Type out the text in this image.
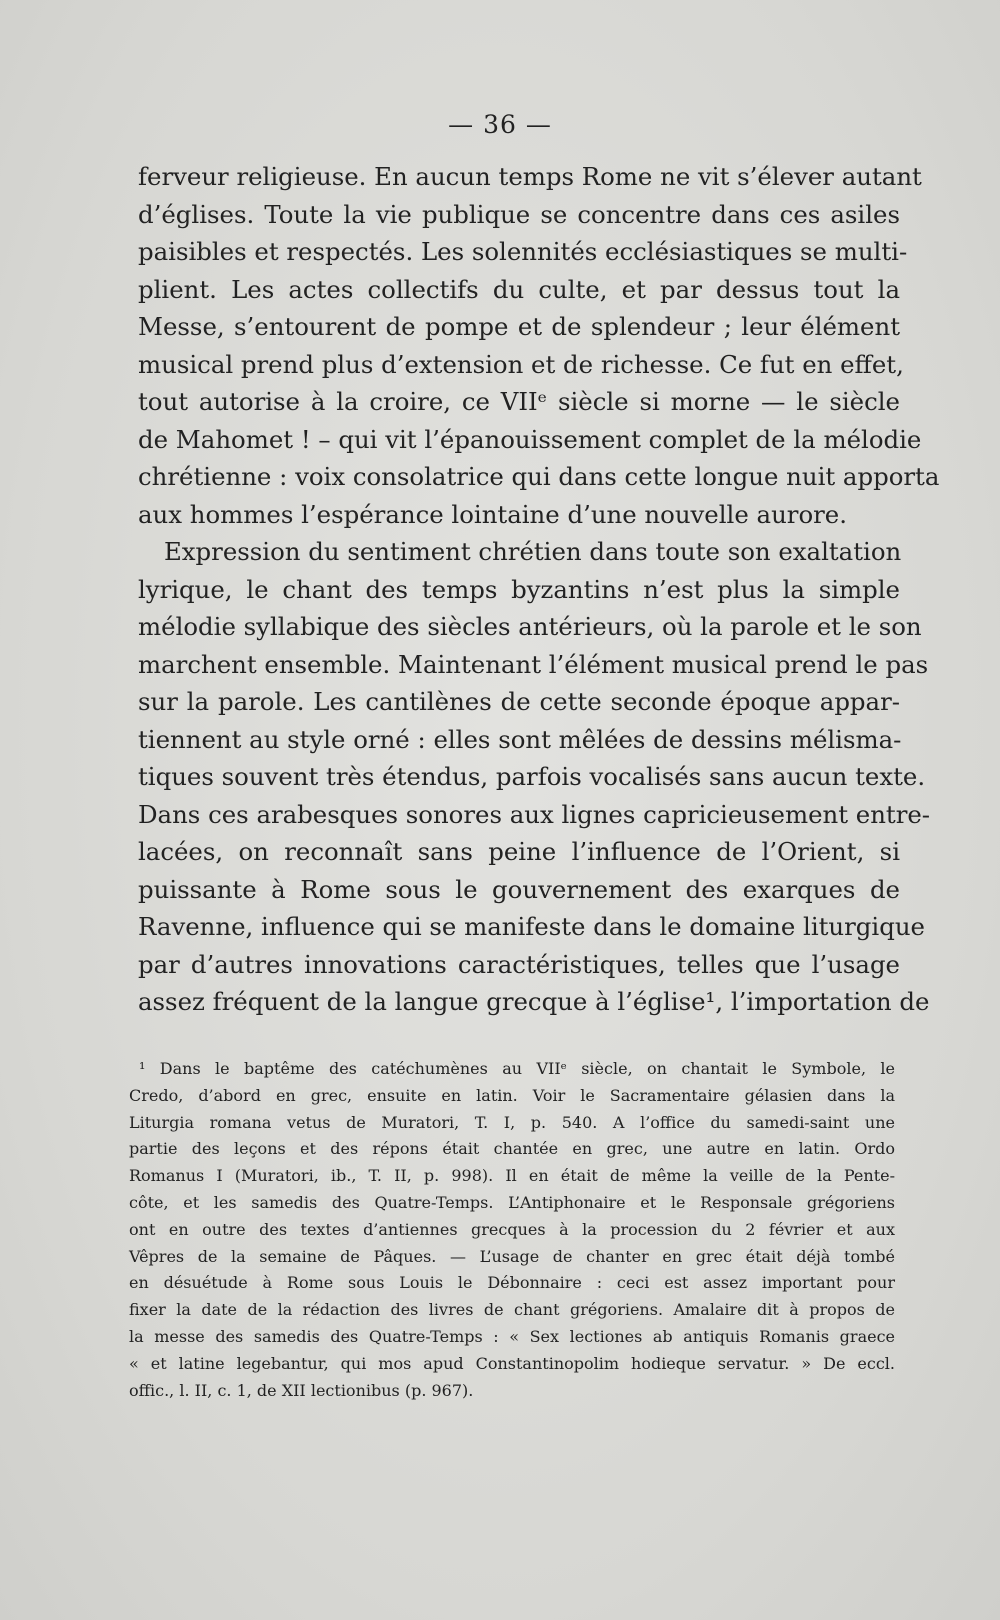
— 36 —
ferveur religieuse. En aucun temps Rome ne vit s’élever autant
d’églises. Toute la vie publique se concentre dans ces asiles
paisibles et respectés. Les solennités ecclésiastiques se multi-
plient. Les actes collectifs du culte, et par dessus tout la
Messe, s’entourent de pompe et de splendeur ; leur élément
musical prend plus d’extension et de richesse. Ce fut en effet,
tout autorise à la croire, ce VIIᵉ siècle si morne — le siècle
de Mahomet ! – qui vit l’épanouissement complet de la mélodie
chrétienne : voix consolatrice qui dans cette longue nuit apporta
aux hommes l’espérance lointaine d’une nouvelle aurore.
Expression du sentiment chrétien dans toute son exaltation
lyrique, le chant des temps byzantins n’est plus la simple
mélodie syllabique des siècles antérieurs, où la parole et le son
marchent ensemble. Maintenant l’élément musical prend le pas
sur la parole. Les cantilènes de cette seconde époque appar-
tiennent au style orné : elles sont mêlées de dessins mélisma-
tiques souvent très étendus, parfois vocalisés sans aucun texte.
Dans ces arabesques sonores aux lignes capricieusement entre-
lacées, on reconnaît sans peine l’influence de l’Orient, si
puissante à Rome sous le gouvernement des exarques de
Ravenne, influence qui se manifeste dans le domaine liturgique
par d’autres innovations caractéristiques, telles que l’usage
assez fréquent de la langue grecque à l’église¹, l’importation de
¹ Dans le baptême des catéchumènes au VIIᵉ siècle, on chantait le Symbole, le
Credo, d’abord en grec, ensuite en latin. Voir le Sacramentaire gélasien dans la
Liturgia romana vetus de Muratori, T. I, p. 540. A l’office du samedi-saint une
partie des leçons et des répons était chantée en grec, une autre en latin. Ordo
Romanus I (Muratori, ib., T. II, p. 998). Il en était de même la veille de la Pente-
côte, et les samedis des Quatre-Temps. L’Antiphonaire et le Responsale grégoriens
ont en outre des textes d’antiennes grecques à la procession du 2 février et aux
Vêpres de la semaine de Pâques. — L’usage de chanter en grec était déjà tombé
en désuétude à Rome sous Louis le Débonnaire : ceci est assez important pour
fixer la date de la rédaction des livres de chant grégoriens. Amalaire dit à propos de
la messe des samedis des Quatre-Temps : « Sex lectiones ab antiquis Romanis graece
« et latine legebantur, qui mos apud Constantinopolim hodieque servatur. » De eccl.
offic., l. II, c. 1, de XII lectionibus (p. 967).
